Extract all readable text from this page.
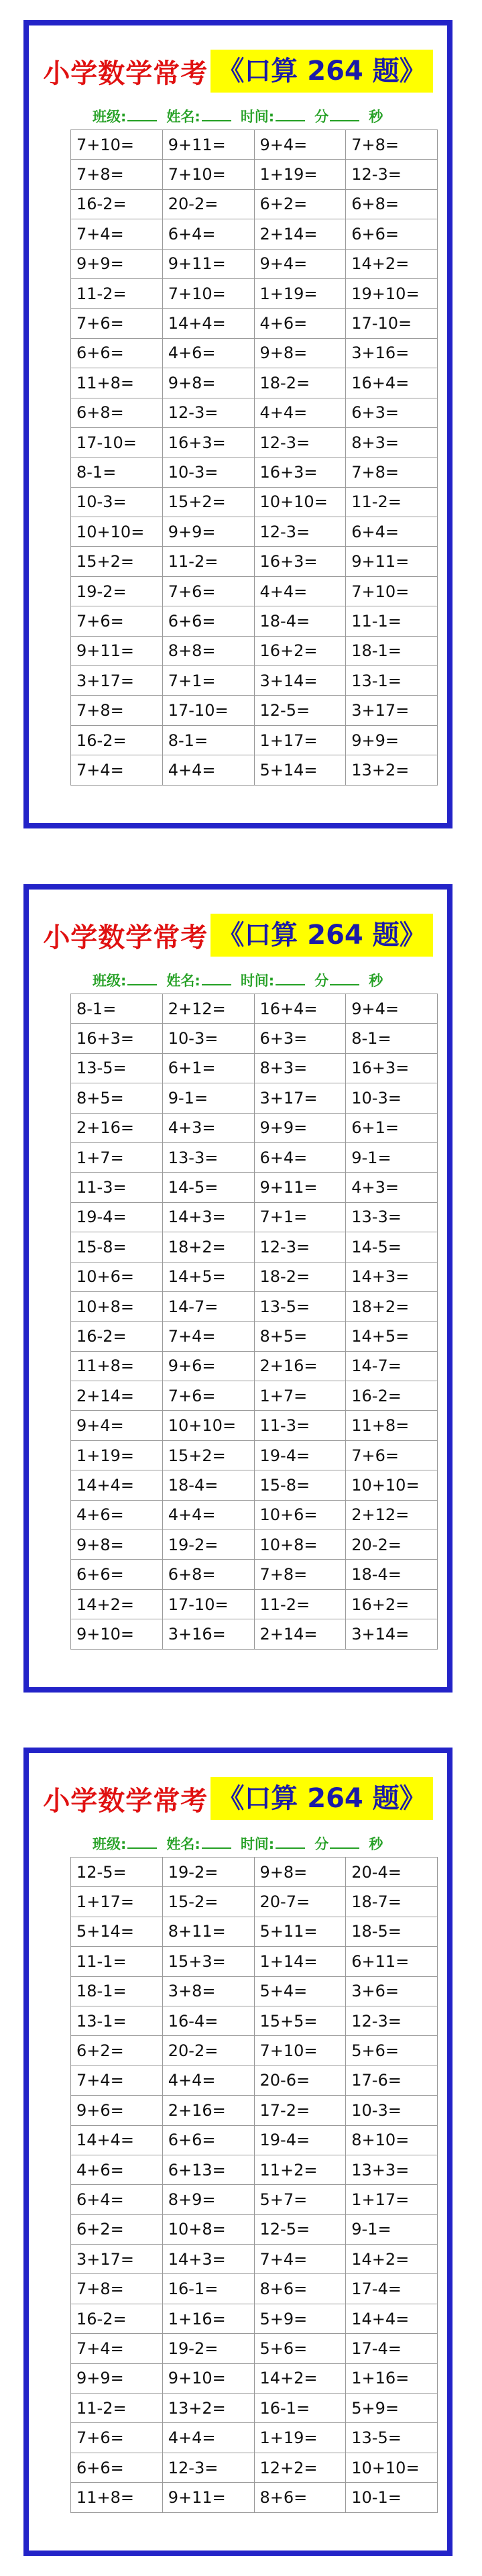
小学数学常考 《口算 264 题》
班级:	姓名:	时间:	分	秒
7+10=	9+11=	9+4=	7+8=
7+8=	7+10=	1+19=	12-3=
16-2=	20-2=	6+2=	6+8=
7+4=	6+4=	2+14=	6+6=
9+9=	9+11=	9+4=	14+2=
11-2=	7+10=	1+19=	19+10=
7+6=	14+4=	4+6=	17-10=
6+6=	4+6=	9+8=	3+16=
11+8=	9+8=	18-2=	16+4=
6+8=	12-3=	4+4=	6+3=
17-10=	16+3=	12-3=	8+3=
8-1=	10-3=	16+3=	7+8=
10-3=	15+2=	10+10=	11-2=
10+10=	9+9=	12-3=	6+4=
15+2=	11-2=	16+3=	9+11=
19-2=	7+6=	4+4=	7+10=
7+6=	6+6=	18-4=	11-1=
9+11=	8+8=	16+2=	18-1=
3+17=	7+1=	3+14=	13-1=
7+8=	17-10=	12-5=	3+17=
16-2=	8-1=	1+17=	9+9=
7+4=	4+4=	5+14=	13+2=
小学数学常考 《口算 264 题》
班级:	姓名:	时间:	分	秒
8-1=	2+12=	16+4=	9+4=
16+3=	10-3=	6+3=	8-1=
13-5=	6+1=	8+3=	16+3=
8+5=	9-1=	3+17=	10-3=
2+16=	4+3=	9+9=	6+1=
1+7=	13-3=	6+4=	9-1=
11-3=	14-5=	9+11=	4+3=
19-4=	14+3=	7+1=	13-3=
15-8=	18+2=	12-3=	14-5=
10+6=	14+5=	18-2=	14+3=
10+8=	14-7=	13-5=	18+2=
16-2=	7+4=	8+5=	14+5=
11+8=	9+6=	2+16=	14-7=
2+14=	7+6=	1+7=	16-2=
9+4=	10+10=	11-3=	11+8=
1+19=	15+2=	19-4=	7+6=
14+4=	18-4=	15-8=	10+10=
4+6=	4+4=	10+6=	2+12=
9+8=	19-2=	10+8=	20-2=
6+6=	6+8=	7+8=	18-4=
14+2=	17-10=	11-2=	16+2=
9+10=	3+16=	2+14=	3+14=
小学数学常考 《口算 264 题》
班级:	姓名:	时间:	分	秒
12-5=	19-2=	9+8=	20-4=
1+17=	15-2=	20-7=	18-7=
5+14=	8+11=	5+11=	18-5=
11-1=	15+3=	1+14=	6+11=
18-1=	3+8=	5+4=	3+6=
13-1=	16-4=	15+5=	12-3=
6+2=	20-2=	7+10=	5+6=
7+4=	4+4=	20-6=	17-6=
9+6=	2+16=	17-2=	10-3=
14+4=	6+6=	19-4=	8+10=
4+6=	6+13=	11+2=	13+3=
6+4=	8+9=	5+7=	1+17=
6+2=	10+8=	12-5=	9-1=
3+17=	14+3=	7+4=	14+2=
7+8=	16-1=	8+6=	17-4=
16-2=	1+16=	5+9=	14+4=
7+4=	19-2=	5+6=	17-4=
9+9=	9+10=	14+2=	1+16=
11-2=	13+2=	16-1=	5+9=
7+6=	4+4=	1+19=	13-5=
6+6=	12-3=	12+2=	10+10=
11+8=	9+11=	8+6=	10-1=
